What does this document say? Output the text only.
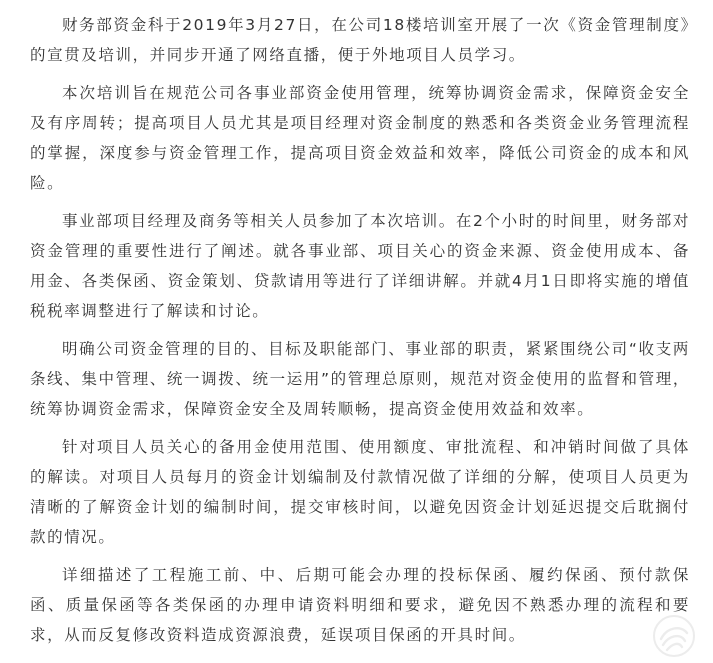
财务部资金科于2019年3月27日，在公司18楼培训室开展了一次《资金管理制度》的宣贯及培训，并同步开通了网络直播，便于外地项目人员学习。

本次培训旨在规范公司各事业部资金使用管理，统筹协调资金需求，保障资金安全及有序周转；提高项目人员尤其是项目经理对资金制度的熟悉和各类资金业务管理流程的掌握，深度参与资金管理工作，提高项目资金效益和效率，降低公司资金的成本和风险。

事业部项目经理及商务等相关人员参加了本次培训。在2个小时的时间里，财务部对资金管理的重要性进行了阐述。就各事业部、项目关心的资金来源、资金使用成本、备用金、各类保函、资金策划、贷款请用等进行了详细讲解。并就4月1日即将实施的增值税税率调整进行了解读和讨论。

明确公司资金管理的目的、目标及职能部门、事业部的职责，紧紧围绕公司“收支两条线、集中管理、统一调拨、统一运用”的管理总原则，规范对资金使用的监督和管理，统筹协调资金需求，保障资金安全及周转顺畅，提高资金使用效益和效率。

针对项目人员关心的备用金使用范围、使用额度、审批流程、和冲销时间做了具体的解读。对项目人员每月的资金计划编制及付款情况做了详细的分解，使项目人员更为清晰的了解资金计划的编制时间，提交审核时间，以避免因资金计划延迟提交后耽搁付款的情况。

详细描述了工程施工前、中、后期可能会办理的投标保函、履约保函、预付款保函、质量保函等各类保函的办理申请资料明细和要求，避免因不熟悉办理的流程和要求，从而反复修改资料造成资源浪费，延误项目保函的开具时间。
